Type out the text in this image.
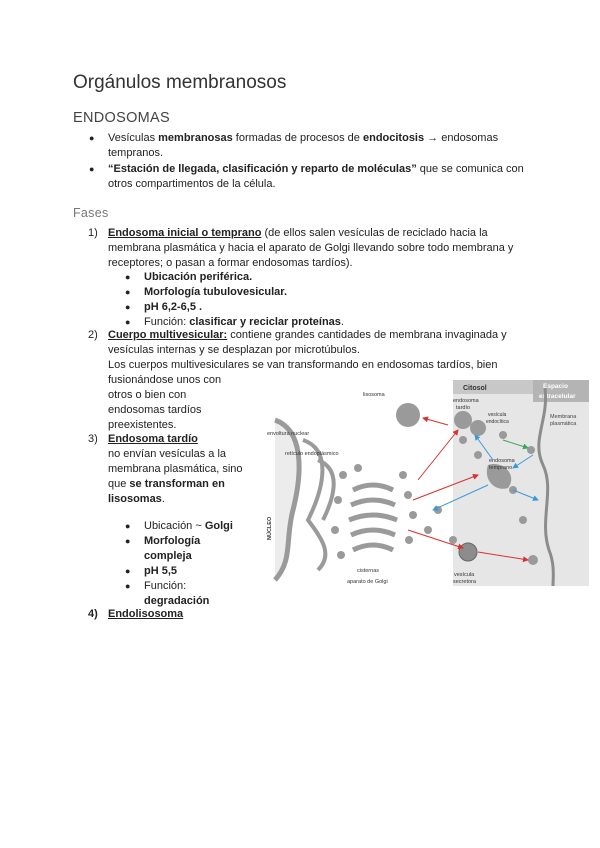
Orgánulos membranosos
ENDOSOMAS
● Vesículas membranosas formadas de procesos de endocitosis → endosomas tempranos.
● “Estación de llegada, clasificación y reparto de moléculas” que se comunica con otros compartimentos de la célula.
Fases
1) Endosoma inicial o temprano (de ellos salen vesículas de reciclado hacia la membrana plasmática y hacia el aparato de Golgi llevando sobre todo membrana y receptores; o pasan a formar endosomas tardíos).
● Ubicación periférica.
● Morfología tubulovesicular.
● pH 6,2-6,5 .
● Función: clasificar y reciclar proteínas.
2) Cuerpo multivesicular: contiene grandes cantidades de membrana invaginada y vesículas internas y se desplazan por microtúbulos.
Los cuerpos multivesiculares se van transformando en endosomas tardíos, bien
fusionándose unos con
otros o bien con
endosomas tardíos
preexistentes.
3) Endosoma tardío
no envían vesículas a la
membrana plasmática, sino
que se transforman en
lisosomas.
● Ubicación ~ Golgi
● Morfología
compleja
● pH 5,5
● Función:
degradación
4) Endolisosoma
Citosol	Espacio
extracelular
Membrana
plasmática
NÚCLEO
lisosoma
endosoma
tardío
vesícula
endocítica
endosoma
temprano
vesícula
secretora
envoltura nuclear
retículo endoplásmico
cisternas
aparato de Golgi
